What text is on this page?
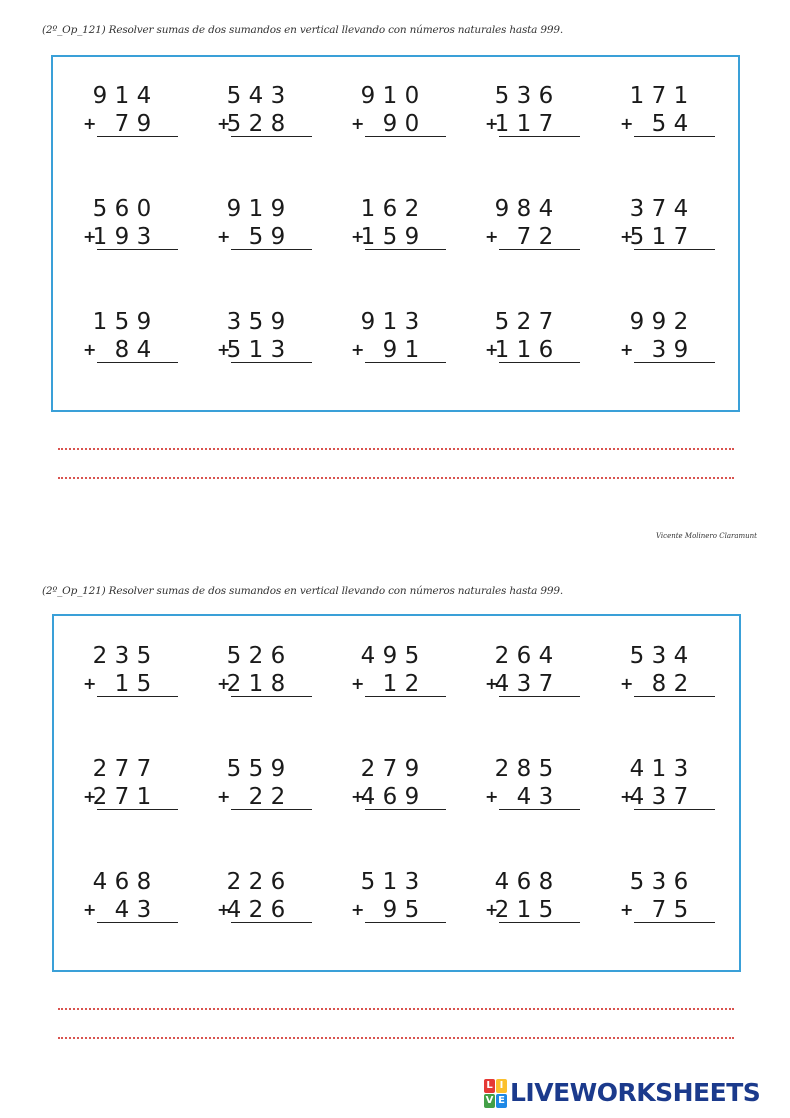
(2º_Op_121) Resolver sumas de dos sumandos en vertical llevando con números naturales hasta 999.
9 1 4
+
7 9
5 4 3
+
5 2 8
9 1 0
+
9 0
5 3 6
+
1 1 7
1 7 1
+
5 4
5 6 0
+
1 9 3
9 1 9
+
5 9
1 6 2
+
1 5 9
9 8 4
+
7 2
3 7 4
+
5 1 7
1 5 9
+
8 4
3 5 9
+
5 1 3
9 1 3
+
9 1
5 2 7
+
1 1 6
9 9 2
+
3 9
Vicente Molinero Claramunt
(2º_Op_121) Resolver sumas de dos sumandos en vertical llevando con números naturales hasta 999.
2 3 5
+
1 5
5 2 6
+
2 1 8
4 9 5
+
1 2
2 6 4
+
4 3 7
5 3 4
+
8 2
2 7 7
+
2 7 1
5 5 9
+
2 2
2 7 9
+
4 6 9
2 8 5
+
4 3
4 1 3
+
4 3 7
4 6 8
+
4 3
2 2 6
+
4 2 6
5 1 3
+
9 5
4 6 8
+
2 1 5
5 3 6
+
7 5
L I
V E LIVEWORKSHEETS
